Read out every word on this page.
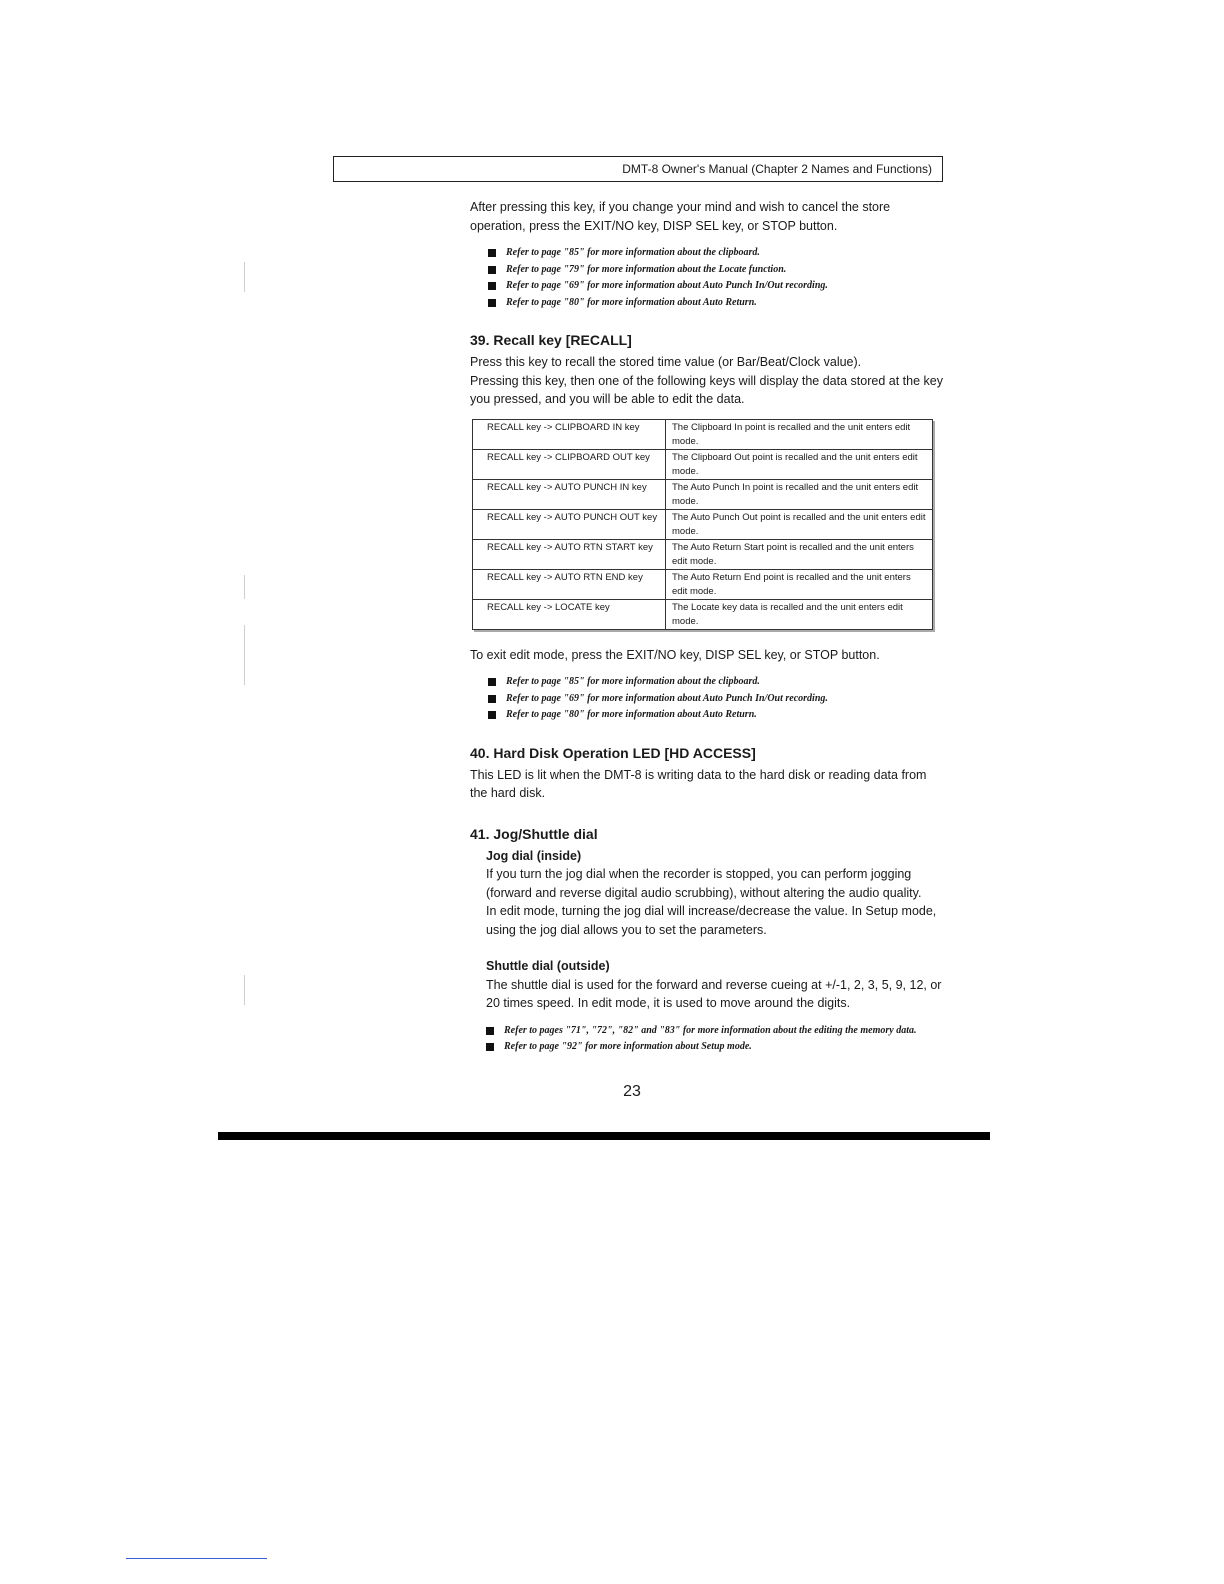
DMT-8 Owner's Manual (Chapter 2 Names and Functions)

After pressing this key, if you change your mind and wish to cancel the store operation, press the EXIT/NO key, DISP SEL key, or STOP button.

Refer to page "85" for more information about the clipboard.
Refer to page "79" for more information about the Locate function.
Refer to page "69" for more information about Auto Punch In/Out recording.
Refer to page "80" for more information about Auto Return.
39. Recall key [RECALL]

Press this key to recall the stored time value (or Bar/Beat/Clock value).

Pressing this key, then one of the following keys will display the data stored at the key you pressed, and you will be able to edit the data.

RECALL key -> CLIPBOARD IN key	The Clipboard In point is recalled and the unit enters edit mode.
RECALL key -> CLIPBOARD OUT key	The Clipboard Out point is recalled and the unit enters edit mode.
RECALL key -> AUTO PUNCH IN key	The Auto Punch In point is recalled and the unit enters edit mode.
RECALL key -> AUTO PUNCH OUT key	The Auto Punch Out point is recalled and the unit enters edit mode.
RECALL key -> AUTO RTN START key	The Auto Return Start point is recalled and the unit enters edit mode.
RECALL key -> AUTO RTN END key	The Auto Return End point is recalled and the unit enters edit mode.
RECALL key -> LOCATE key	The Locate key data is recalled and the unit enters edit mode.

To exit edit mode, press the EXIT/NO key, DISP SEL key, or STOP button.

Refer to page "85" for more information about the clipboard.
Refer to page "69" for more information about Auto Punch In/Out recording.
Refer to page "80" for more information about Auto Return.
40. Hard Disk Operation LED [HD ACCESS]

This LED is lit when the DMT-8 is writing data to the hard disk or reading data from the hard disk.

41. Jog/Shuttle dial

Jog dial (inside)

If you turn the jog dial when the recorder is stopped, you can perform jogging (forward and reverse digital audio scrubbing), without altering the audio quality.

In edit mode, turning the jog dial will increase/decrease the value. In Setup mode, using the jog dial allows you to set the parameters.

Shuttle dial (outside)

The shuttle dial is used for the forward and reverse cueing at +/-1, 2, 3, 5, 9, 12, or 20 times speed. In edit mode, it is used to move around the digits.

Refer to pages "71", "72", "82" and "83" for more information about the editing the memory data.
Refer to page "92" for more information about Setup mode.
23
